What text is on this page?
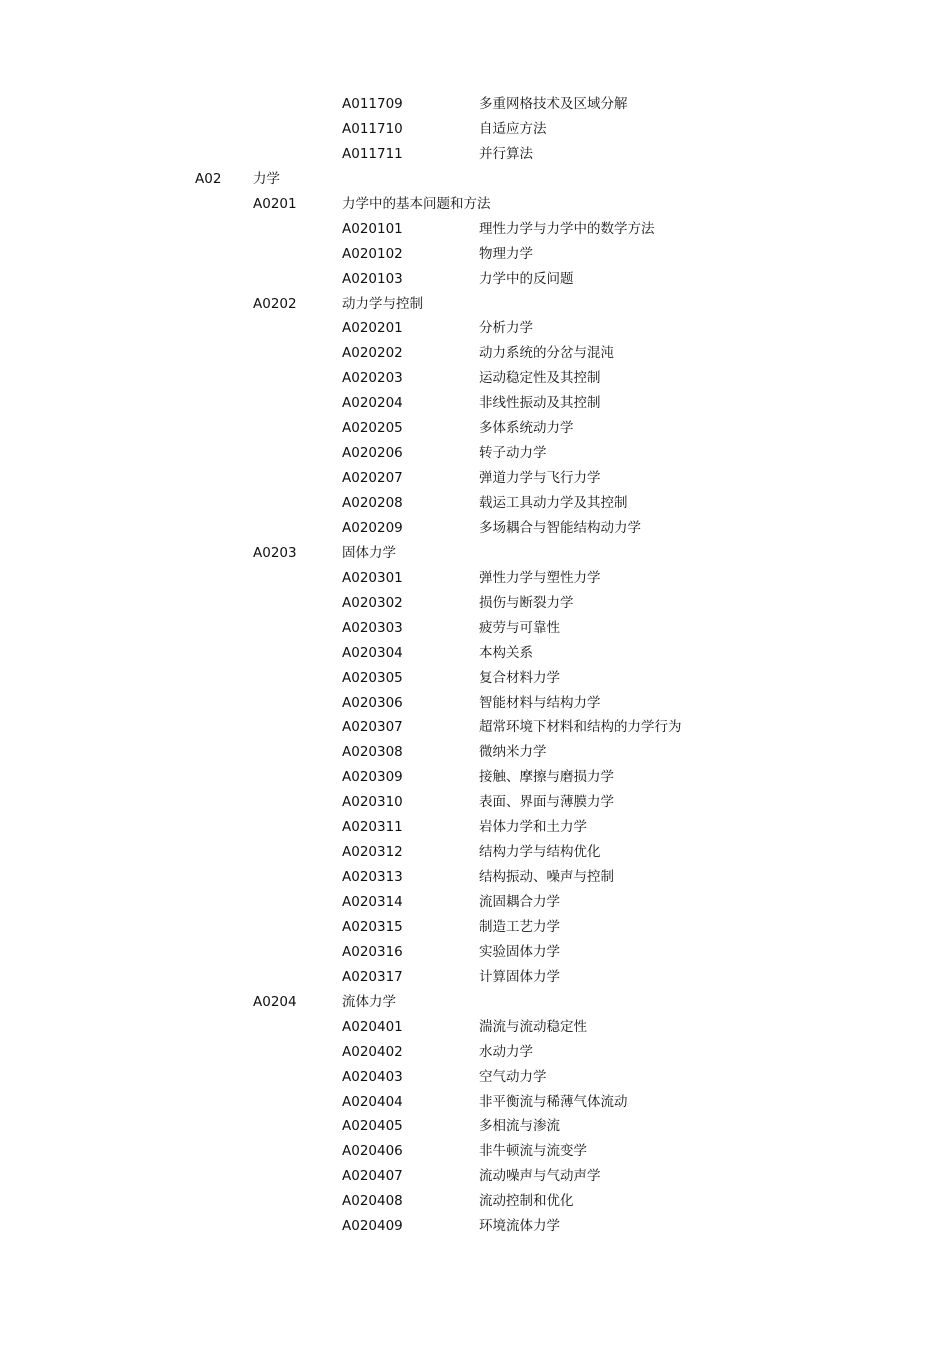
A011709	多重网格技术及区域分解
A011710	自适应方法
A011711	并行算法
A02 力学
A0201	力学中的基本问题和方法
A020101	理性力学与力学中的数学方法
A020102	物理力学
A020103	力学中的反问题
A0202	动力学与控制
A020201	分析力学
A020202	动力系统的分岔与混沌
A020203	运动稳定性及其控制
A020204	非线性振动及其控制
A020205	多体系统动力学
A020206	转子动力学
A020207	弹道力学与飞行力学
A020208	载运工具动力学及其控制
A020209	多场耦合与智能结构动力学
A0203	固体力学
A020301	弹性力学与塑性力学
A020302	损伤与断裂力学
A020303	疲劳与可靠性
A020304	本构关系
A020305	复合材料力学
A020306	智能材料与结构力学
A020307	超常环境下材料和结构的力学行为
A020308	微纳米力学
A020309	接触、摩擦与磨损力学
A020310	表面、界面与薄膜力学
A020311	岩体力学和土力学
A020312	结构力学与结构优化
A020313	结构振动、噪声与控制
A020314	流固耦合力学
A020315	制造工艺力学
A020316	实验固体力学
A020317	计算固体力学
A0204	流体力学
A020401	湍流与流动稳定性
A020402	水动力学
A020403	空气动力学
A020404	非平衡流与稀薄气体流动
A020405	多相流与渗流
A020406	非牛顿流与流变学
A020407	流动噪声与气动声学
A020408	流动控制和优化
A020409	环境流体力学
